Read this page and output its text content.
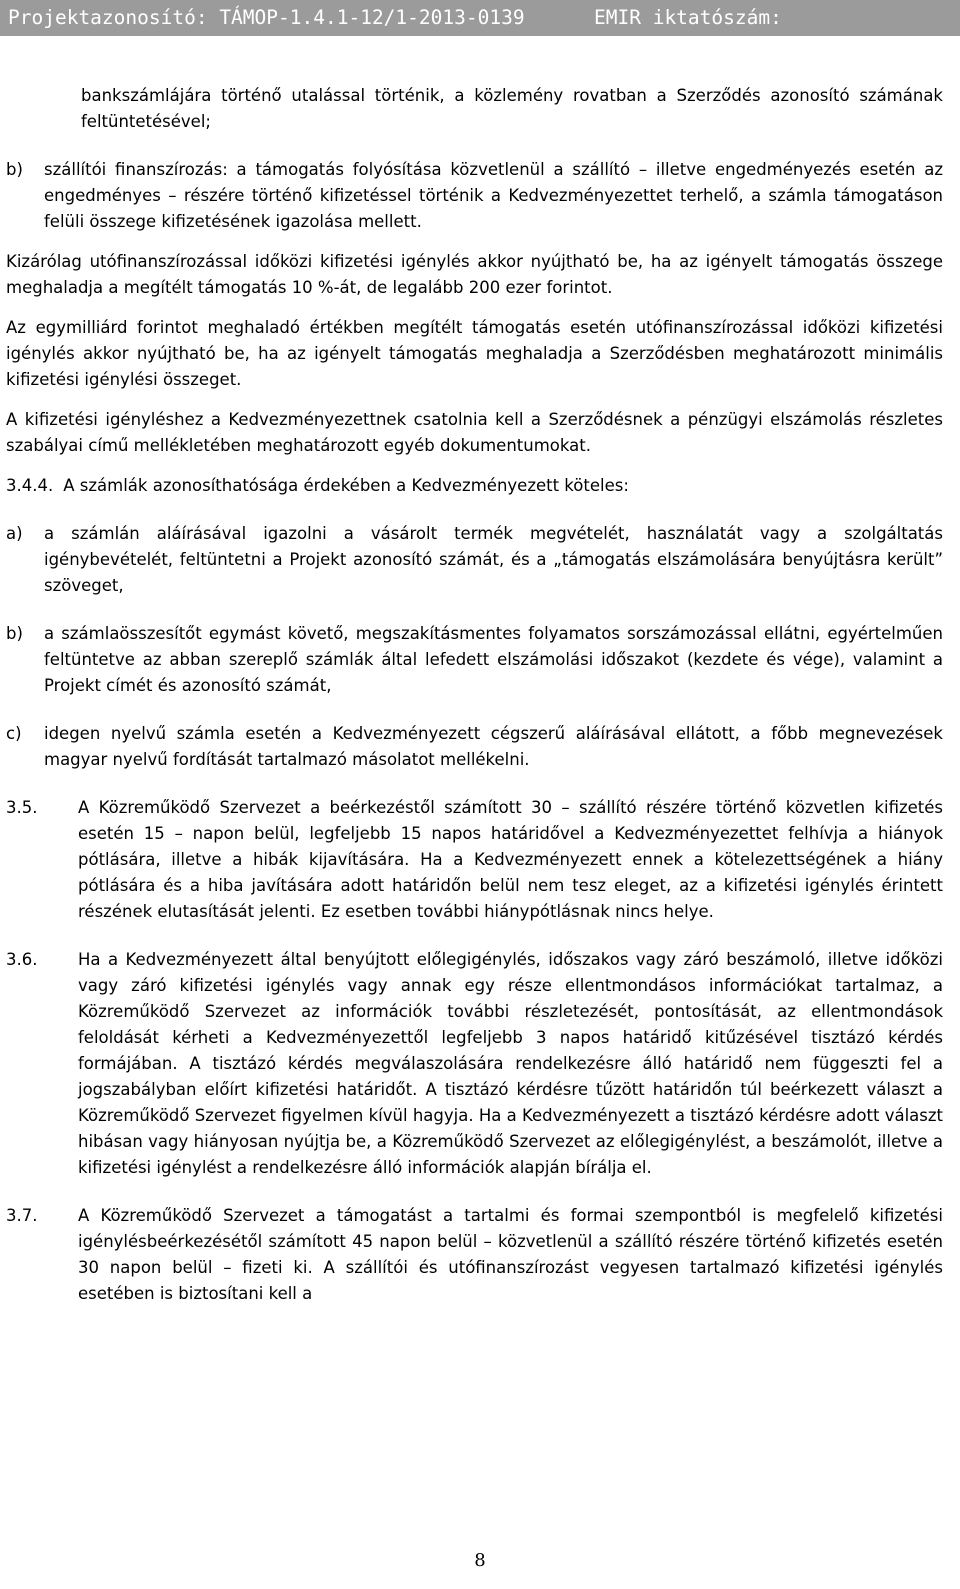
Projektazonosító: TÁMOP-1.4.1-12/1-2013-0139	EMIR iktatószám:

bankszámlájára történő utalással történik, a közlemény rovatban a Szerződés azonosító számának feltüntetésével;

b)	szállítói finanszírozás: a támogatás folyósítása közvetlenül a szállító – illetve engedményezés esetén az engedményes – részére történő kifizetéssel történik a Kedvezményezettet terhelő, a számla támogatáson felüli összege kifizetésének igazolása mellett.

Kizárólag utófinanszírozással időközi kifizetési igénylés akkor nyújtható be, ha az igényelt támogatás összege meghaladja a megítélt támogatás 10 %-át, de legalább 200 ezer forintot.

Az egymilliárd forintot meghaladó értékben megítélt támogatás esetén utófinanszírozással időközi kifizetési igénylés akkor nyújtható be, ha az igényelt támogatás meghaladja a Szerződésben meghatározott minimális kifizetési igénylési összeget.

A kifizetési igényléshez a Kedvezményezettnek csatolnia kell a Szerződésnek a pénzügyi elszámolás részletes szabályai című mellékletében meghatározott egyéb dokumentumokat.

3.4.4. A számlák azonosíthatósága érdekében a Kedvezményezett köteles:
a)	a számlán aláírásával igazolni a vásárolt termék megvételét, használatát vagy a szolgáltatás igénybevételét, feltüntetni a Projekt azonosító számát, és a „támogatás elszámolására benyújtásra került” szöveget,
b)	a számlaösszesítőt egymást követő, megszakításmentes folyamatos sorszámozással ellátni, egyértelműen feltüntetve az abban szereplő számlák által lefedett elszámolási időszakot (kezdete és vége), valamint a Projekt címét és azonosító számát,
c)	idegen nyelvű számla esetén a Kedvezményezett cégszerű aláírásával ellátott, a főbb megnevezések magyar nyelvű fordítását tartalmazó másolatot mellékelni.
3.5.	A Közreműködő Szervezet a beérkezéstől számított 30 – szállító részére történő közvetlen kifizetés esetén 15 – napon belül, legfeljebb 15 napos határidővel a Kedvezményezettet felhívja a hiányok pótlására, illetve a hibák kijavítására. Ha a Kedvezményezett ennek a kötelezettségének a hiány pótlására és a hiba javítására adott határidőn belül nem tesz eleget, az a kifizetési igénylés érintett részének elutasítását jelenti. Ez esetben további hiánypótlásnak nincs helye.
3.6.	Ha a Kedvezményezett által benyújtott előlegigénylés, időszakos vagy záró beszámoló, illetve időközi vagy záró kifizetési igénylés vagy annak egy része ellentmondásos információkat tartalmaz, a Közreműködő Szervezet az információk további részletezését, pontosítását, az ellentmondások feloldását kérheti a Kedvezményezettől legfeljebb 3 napos határidő kitűzésével tisztázó kérdés formájában. A tisztázó kérdés megválaszolására rendelkezésre álló határidő nem függeszti fel a jogszabályban előírt kifizetési határidőt. A tisztázó kérdésre tűzött határidőn túl beérkezett választ a Közreműködő Szervezet figyelmen kívül hagyja. Ha a Kedvezményezett a tisztázó kérdésre adott választ hibásan vagy hiányosan nyújtja be, a Közreműködő Szervezet az előlegigénylést, a beszámolót, illetve a kifizetési igénylést a rendelkezésre álló információk alapján bírálja el.
3.7.	A Közreműködő Szervezet a támogatást a tartalmi és formai szempontból is megfelelő kifizetési igénylésbeérkezésétől számított 45 napon belül – közvetlenül a szállító részére történő kifizetés esetén 30 napon belül – fizeti ki. A szállítói és utófinanszírozást vegyesen tartalmazó kifizetési igénylés esetében is biztosítani kell a
8
